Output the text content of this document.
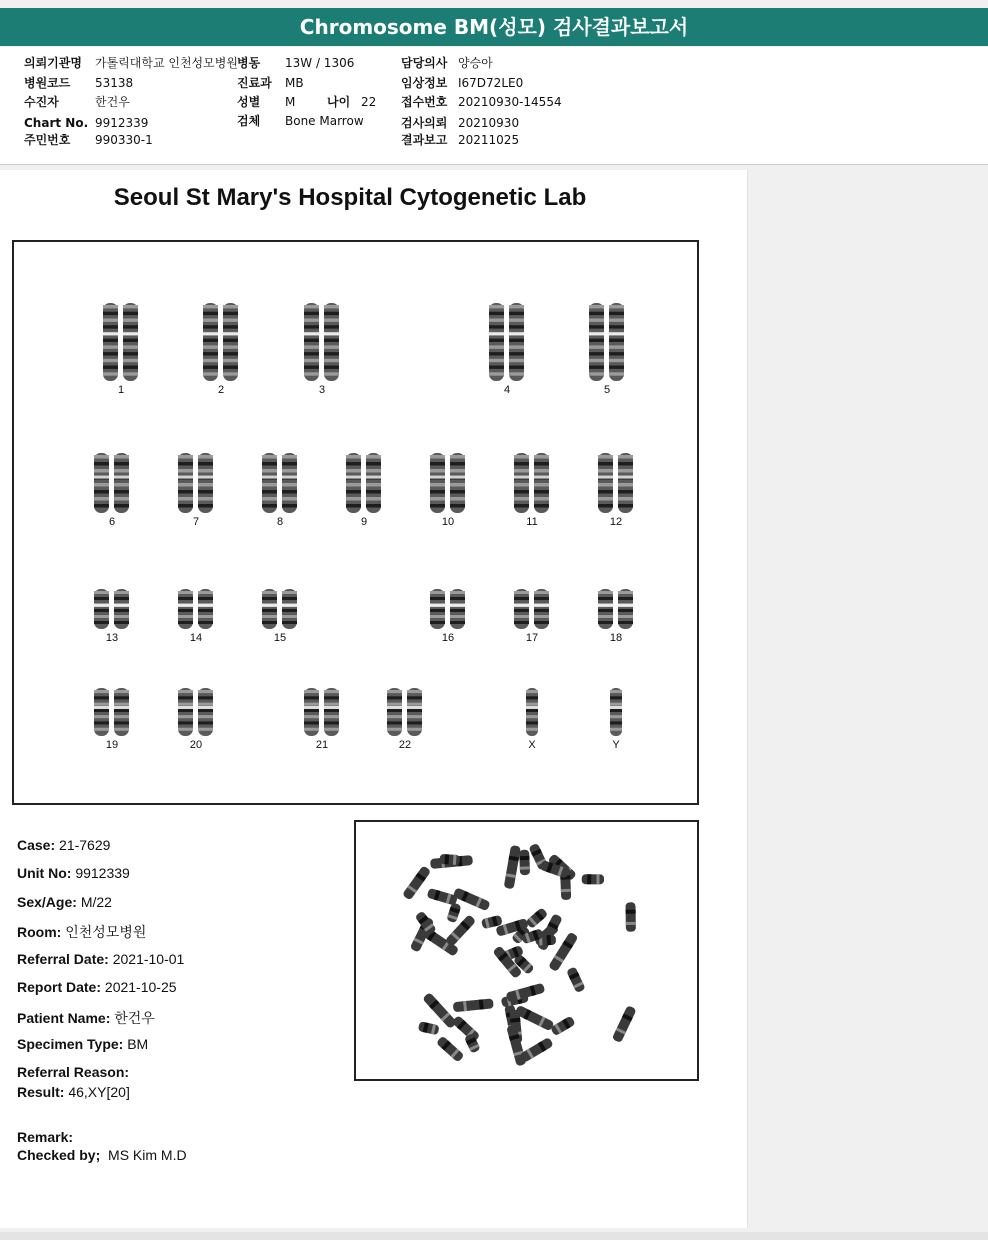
Chromosome BM(성모) 검사결과보고서
의뢰기관명 가톨릭대학교 인천성모병원
병원코드 53138
수진자	한건우
Chart No. 9912339
주민번호 990330-1
병동 13W / 1306
진료과 MB
성별 M	나이 22
검체 Bone Marrow
담당의사 양승아
임상정보 I67D72LE0
접수번호 20210930-14554
검사의뢰 20210930
결과보고 20211025
Seoul St Mary's Hospital Cytogenetic Lab
1	2	3	4	5
6	7	8	9	10	11	12
13	14	15	16	17	18
19	20	21	22	X	Y
Case: 21-7629
Unit No: 9912339
Sex/Age: M/22
Room: 인천성모병원
Referral Date: 2021-10-01
Report Date: 2021-10-25
Patient Name: 한건우
Specimen Type: BM
Referral Reason:
Result: 46,XY[20]
Remark:
Checked by; MS Kim M.D
